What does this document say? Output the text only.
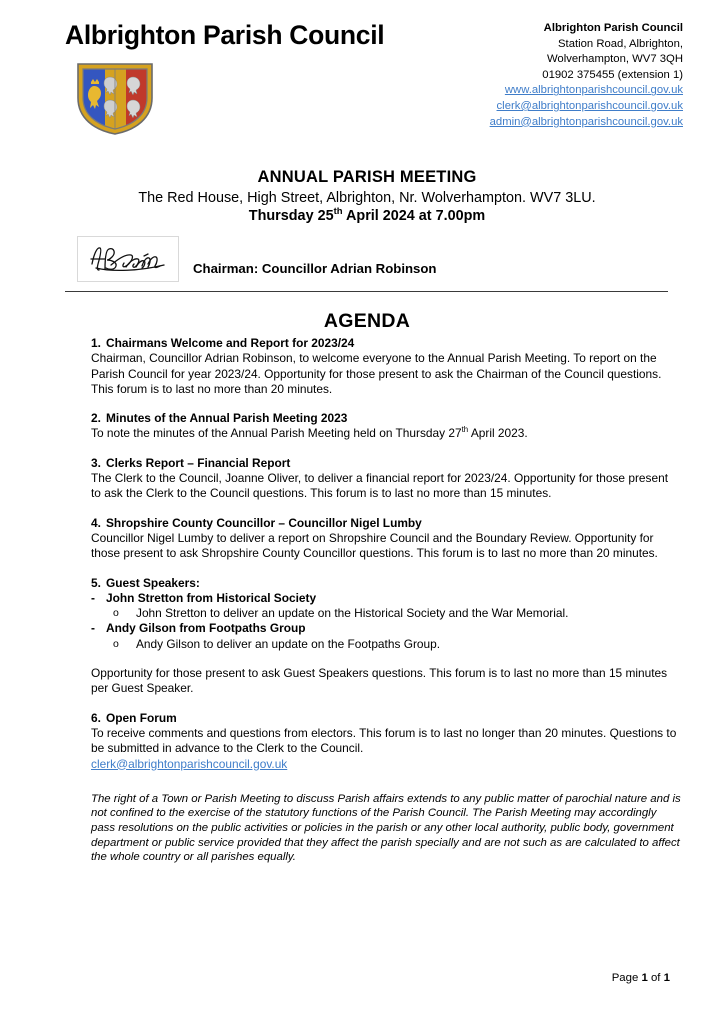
Albrighton Parish Council	Albrighton Parish Council
Station Road, Albrighton,
Wolverhampton, WV7 3QH
01902 375455 (extension 1)
www.albrightonparishcouncil.gov.uk
clerk@albrightonparishcouncil.gov.uk
admin@albrightonparishcouncil.gov.uk
ANNUAL PARISH MEETING
The Red House, High Street, Albrighton, Nr. Wolverhampton. WV7 3LU.
Thursday 25th April 2024 at 7.00pm
Chairman: Councillor Adrian Robinson
AGENDA
1. Chairmans Welcome and Report for 2023/24
Chairman, Councillor Adrian Robinson, to welcome everyone to the Annual Parish Meeting. To report on the Parish Council for year 2023/24. Opportunity for those present to ask the Chairman of the Council questions. This forum is to last no more than 20 minutes.
2. Minutes of the Annual Parish Meeting 2023
To note the minutes of the Annual Parish Meeting held on Thursday 27th April 2023.
3. Clerks Report – Financial Report
The Clerk to the Council, Joanne Oliver, to deliver a financial report for 2023/24. Opportunity for those present to ask the Clerk to the Council questions. This forum is to last no more than 15 minutes.
4. Shropshire County Councillor – Councillor Nigel Lumby
Councillor Nigel Lumby to deliver a report on Shropshire Council and the Boundary Review. Opportunity for those present to ask Shropshire County Councillor questions. This forum is to last no more than 20 minutes.
5. Guest Speakers:
- John Stretton from Historical Society
o	John Stretton to deliver an update on the Historical Society and the War Memorial.
- Andy Gilson from Footpaths Group
o	Andy Gilson to deliver an update on the Footpaths Group.
Opportunity for those present to ask Guest Speakers questions. This forum is to last no more than 15 minutes per Guest Speaker.
6. Open Forum
To receive comments and questions from electors. This forum is to last no longer than 20 minutes. Questions to be submitted in advance to the Clerk to the Council.
clerk@albrightonparishcouncil.gov.uk
The right of a Town or Parish Meeting to discuss Parish affairs extends to any public matter of parochial nature and is not confined to the exercise of the statutory functions of the Parish Council. The Parish Meeting may accordingly pass resolutions on the public activities or policies in the parish or any other local authority, public body, government department or public service provided that they affect the parish specially and are not such as are calculated to affect the whole country or all parishes equally.
Page 1 of 1
